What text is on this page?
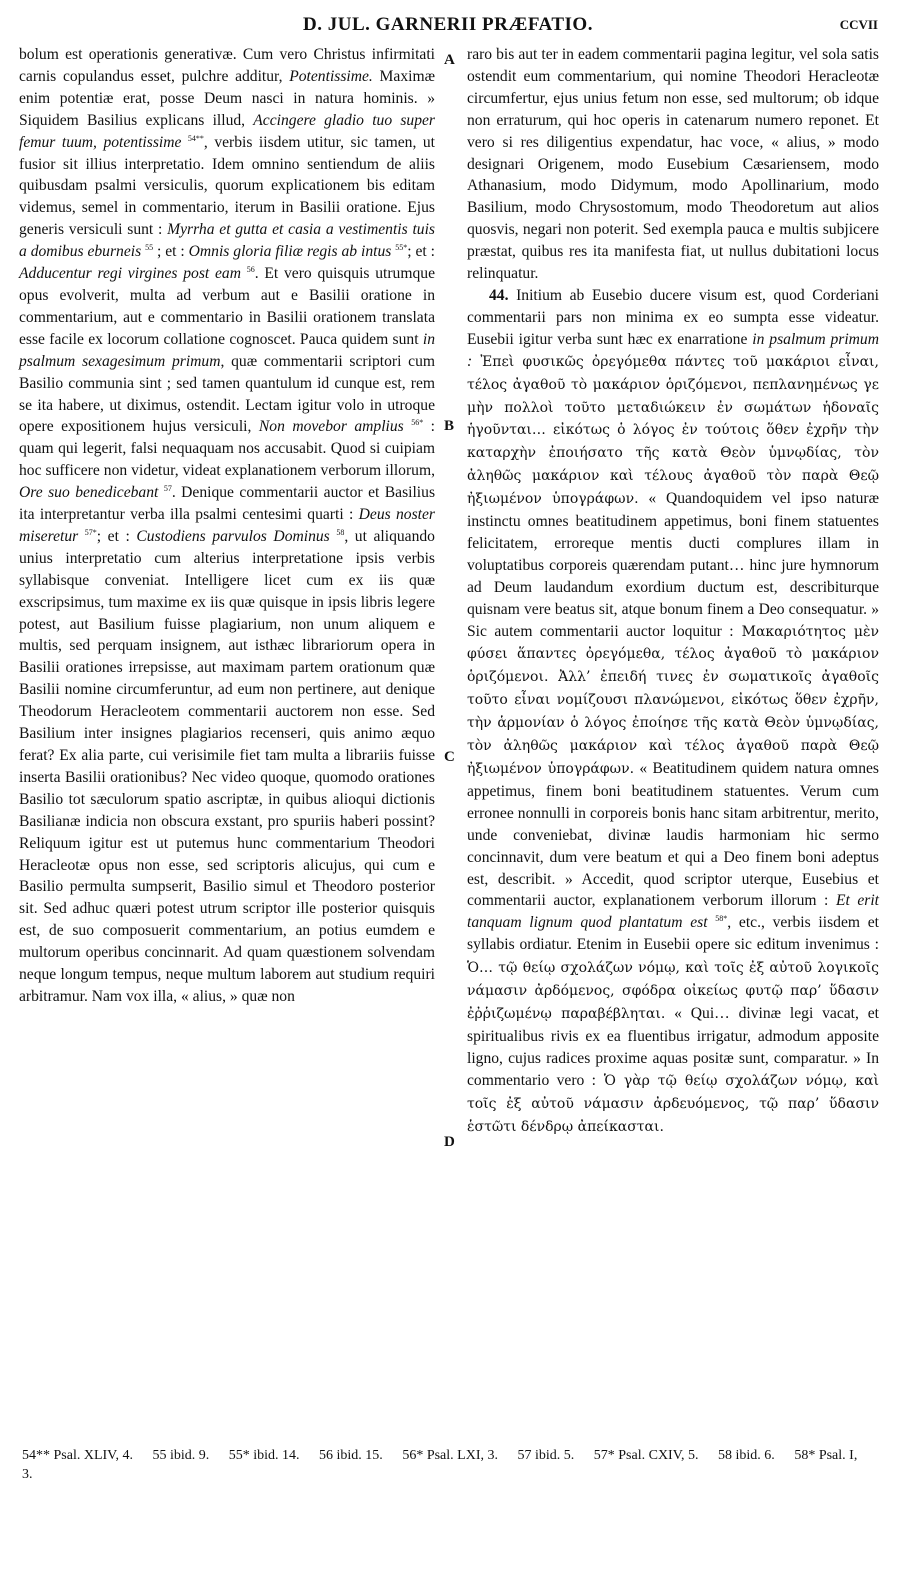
D. JUL. GARNERII PRÆFATIO.	CCVII

bolum est operationis generativæ. Cum vero Christus infirmitati carnis copulandus esset, pulchre additur, Potentissime. Maximæ enim potentiæ erat, posse Deum nasci in natura hominis. » Siquidem Basilius explicans illud, Accingere gladio tuo super femur tuum, potentissime $^{54**}$, verbis iisdem utitur, sic tamen, ut fusior sit illius interpretatio. Idem omnino sentiendum de aliis quibusdam psalmi versiculis, quorum explicationem bis editam videmus, semel in commentario, iterum in Basilii oratione. Ejus generis versiculi sunt : Myrrha et gutta et casia a vestimentis tuis a domibus eburneis $^{55}$ ; et : Omnis gloria filiæ regis ab intus $^{55*}$; et : Adducentur regi virgines post eam $^{56}$. Et vero quisquis utrumque opus evolverit, multa ad verbum aut e Basilii oratione in commentarium, aut e commentario in Basilii orationem translata esse facile ex locorum collatione cognoscet. Pauca quidem sunt in psalmum sexagesimum primum, quæ commentarii scriptori cum Basilio communia sint ; sed tamen quantulum id cunque est, rem se ita habere, ut diximus, ostendit. Lectam igitur volo in utroque opere expositionem hujus versiculi, Non movebor amplius $^{56*}$ : quam qui legerit, falsi nequaquam nos accusabit. Quod si cuipiam hoc sufficere non videtur, videat explanationem verborum illorum, Ore suo benedicebant $^{57}$. Denique commentarii auctor et Basilius ita interpretantur verba illa psalmi centesimi quarti : Deus noster miseretur $^{57*}$; et : Custodiens parvulos Dominus $^{58}$, ut aliquando unius interpretatio cum alterius interpretatione ipsis verbis syllabisque conveniat. Intelligere licet cum ex iis quæ exscripsimus, tum maxime ex iis quæ quisque in ipsis libris legere potest, aut Basilium fuisse plagiarium, non unum aliquem e multis, sed perquam insignem, aut isthæc librariorum opera in Basilii orationes irrepsisse, aut maximam partem orationum quæ Basilii nomine circumferuntur, ad eum non pertinere, aut denique Theodorum Heracleotem commentarii auctorem non esse. Sed Basilium inter insignes plagiarios recenseri, quis animo æquo ferat? Ex alia parte, cui verisimile fiet tam multa a librariis fuisse inserta Basilii orationibus? Nec video quoque, quomodo orationes Basilio tot sæculorum spatio ascriptæ, in quibus alioqui dictionis Basilianæ indicia non obscura exstant, pro spuriis haberi possint? Reliquum igitur est ut putemus hunc commentarium Theodori Heracleotæ opus non esse, sed scriptoris alicujus, qui cum e Basilio permulta sumpserit, Basilio simul et Theodoro posterior sit. Sed adhuc quæri potest utrum scriptor ille posterior quisquis est, de suo composuerit commentarium, an potius eumdem e multorum operibus concinnarit. Ad quam quæstionem solvendam neque longum tempus, neque multum laborem aut studium requiri arbitramur. Nam vox illa, « alius, » quæ non

A
B
C
D

raro bis aut ter in eadem commentarii pagina legitur, vel sola satis ostendit eum commentarium, qui nomine Theodori Heracleotæ circumfertur, ejus unius fetum non esse, sed multorum; ob idque non erraturum, qui hoc operis in catenarum numero reponet. Et vero si res diligentius expendatur, hac voce, « alius, » modo designari Origenem, modo Eusebium Cæsariensem, modo Athanasium, modo Didymum, modo Apollinarium, modo Basilium, modo Chrysostomum, modo Theodoretum aut alios quosvis, negari non poterit. Sed exempla pauca e multis subjicere præstat, quibus res ita manifesta fiat, ut nullus dubitationi locus relinquatur.

44. Initium ab Eusebio ducere visum est, quod Corderiani commentarii pars non minima ex eo sumpta esse videatur. Eusebii igitur verba sunt hæc ex enarratione in psalmum primum : Ἐπεὶ φυσικῶς ὀρεγόμεθα πάντες τοῦ μακάριοι εἶναι, τέλος ἀγαθοῦ τὸ μακάριον ὁριζόμενοι, πεπλανημένως γε μὴν πολλοὶ τοῦτο μεταδιώκειν ἐν σωμάτων ἡδοναῖς ἡγοῦνται… εἰκότως ὁ λόγος ἐν τούτοις ὅθεν ἐχρῆν τὴν καταρχὴν ἐποιήσατο τῆς κατὰ Θεὸν ὑμνῳδίας, τὸν ἀληθῶς μακάριον καὶ τέλους ἀγαθοῦ τὸν παρὰ Θεῷ ἠξιωμένον ὑπογράφων. « Quandoquidem vel ipso naturæ instinctu omnes beatitudinem appetimus, boni finem statuentes felicitatem, erroreque mentis ducti complures illam in voluptatibus corporeis quærendam putant… hinc jure hymnorum ad Deum laudandum exordium ductum est, describiturque quisnam vere beatus sit, atque bonum finem a Deo consequatur. » Sic autem commentarii auctor loquitur : Μακαριότητος μὲν φύσει ἅπαντες ὀρεγόμεθα, τέλος ἀγαθοῦ τὸ μακάριον ὁριζόμενοι. Ἀλλ’ ἐπειδή τινες ἐν σωματικοῖς ἀγαθοῖς τοῦτο εἶναι νομίζουσι πλανώμενοι, εἰκότως ὅθεν ἐχρῆν, τὴν ἁρμονίαν ὁ λόγος ἐποίησε τῆς κατὰ Θεὸν ὑμνῳδίας, τὸν ἀληθῶς μακάριον καὶ τέλος ἀγαθοῦ παρὰ Θεῷ ἠξιωμένον ὑπογράφων. « Beatitudinem quidem natura omnes appetimus, finem boni beatitudinem statuentes. Verum cum erronee nonnulli in corporeis bonis hanc sitam arbitrentur, merito, unde conveniebat, divinæ laudis harmoniam hic sermo concinnavit, dum vere beatum et qui a Deo finem boni adeptus est, describit. » Accedit, quod scriptor uterque, Eusebius et commentarii auctor, explanationem verborum illorum : Et erit tanquam lignum quod plantatum est $^{58*}$, etc., verbis iisdem et syllabis ordiatur. Etenim in Eusebii opere sic editum invenimus : Ὁ… τῷ θείῳ σχολάζων νόμῳ, καὶ τοῖς ἐξ αὐτοῦ λογικοῖς νάμασιν ἀρδόμενος, σφόδρα οἰκείως φυτῷ παρ’ ὕδασιν ἐῤῥιζωμένῳ παραβέβληται. « Qui… divinæ legi vacat, et spiritualibus rivis ex ea fluentibus irrigatur, admodum apposite ligno, cujus radices proxime aquas positæ sunt, comparatur. » In commentario vero : Ὁ γὰρ τῷ θείῳ σχολάζων νόμῳ, καὶ τοῖς ἐξ αὐτοῦ νάμασιν ἀρδευόμενος, τῷ παρ’ ὕδασιν ἑστῶτι δένδρῳ ἀπείκασται.

54** Psal. XLIV, 4. 55 ibid. 9. 55* ibid. 14. 56 ibid. 15. 56* Psal. LXI, 3. 57 ibid. 5. 57* Psal. CXIV, 5. 58 ibid. 6. 58* Psal. I, 3.
